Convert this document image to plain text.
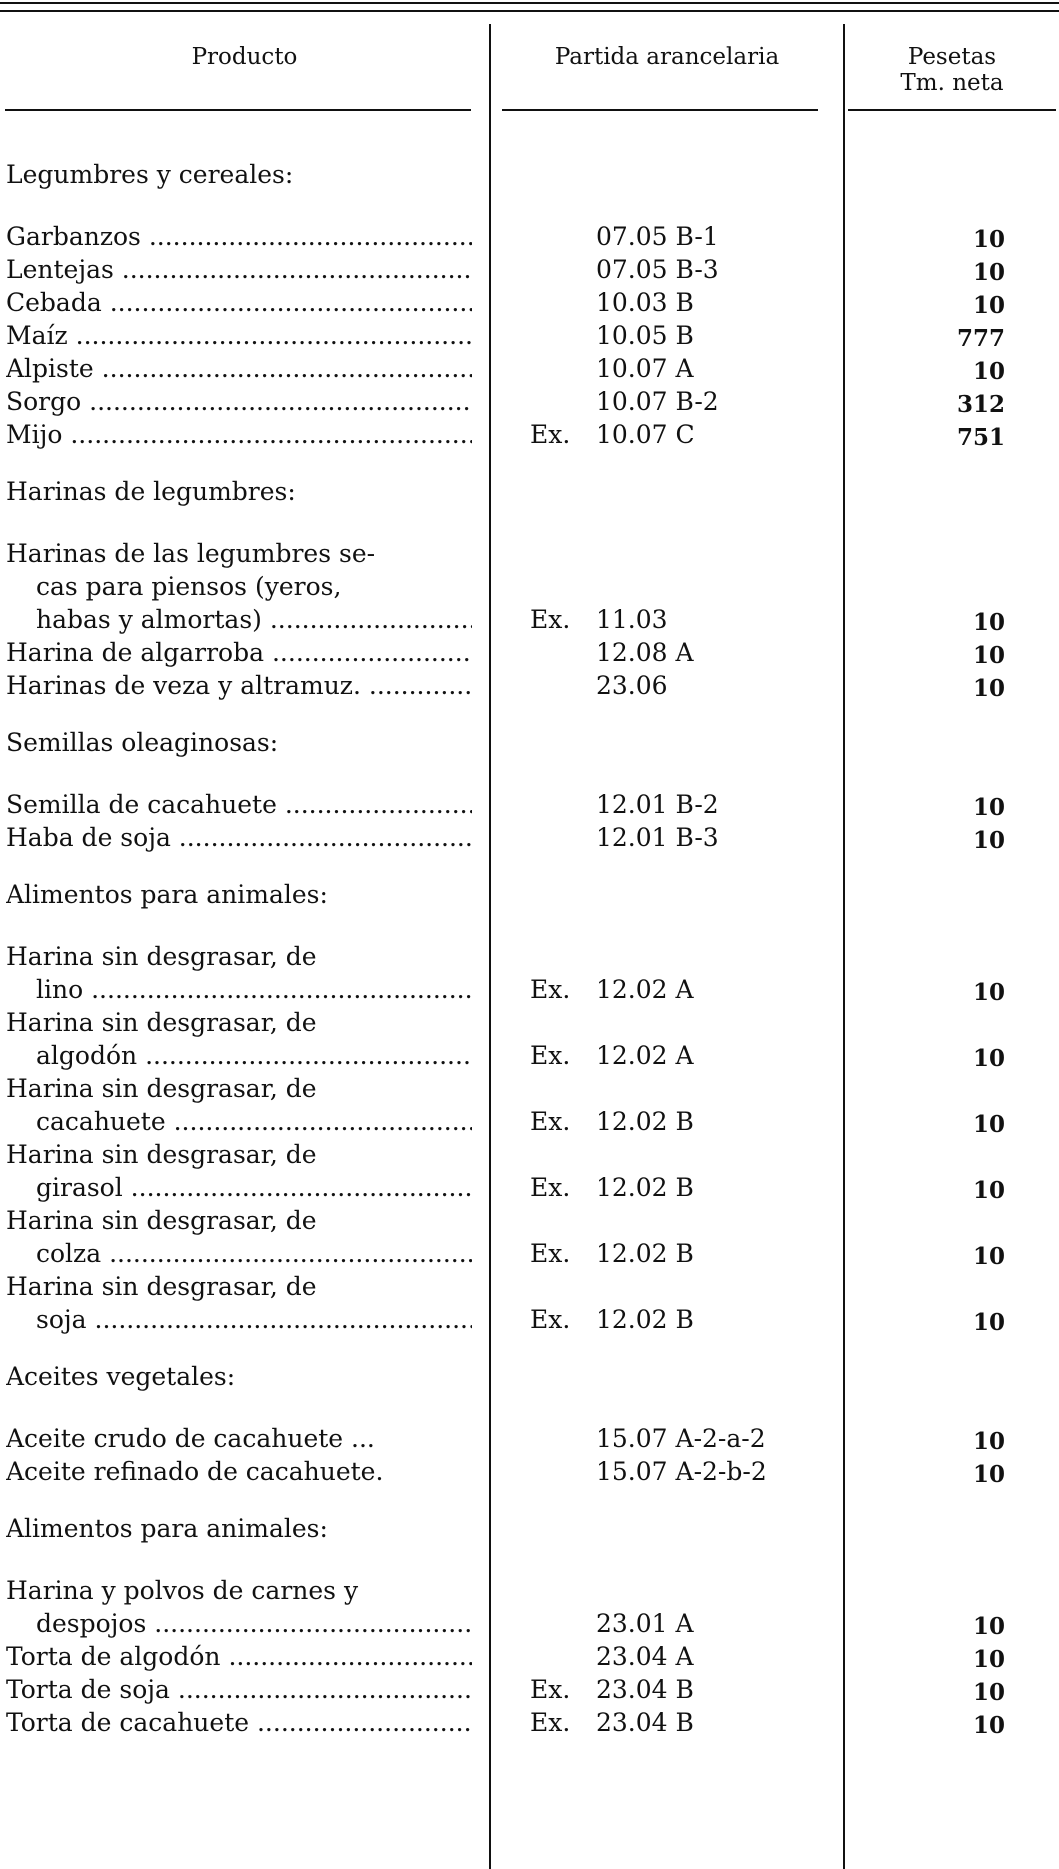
Producto	Partida arancelaria	Pesetas
Tm. neta
Legumbres y cereales:
Garbanzos .....	07.05 B-1	10
Lentejas .....	07.05 B-3	10
Cebada .....	10.03 B	10
Maíz .....	10.05 B	777
Alpiste .....	10.07 A	10
Sorgo .....	10.07 B-2	312
Mijo .....	Ex. 10.07 C	751
Harinas de legumbres:
Harinas de las legumbres se-
cas para piensos (yeros,
habas y almortas) .....	Ex. 11.03	10
Harina de algarroba .....	12.08 A	10
Harinas de veza y altramuz. .....	23.06	10
Semillas oleaginosas:
Semilla de cacahuete .....	12.01 B-2	10
Haba de soja .....	12.01 B-3	10
Alimentos para animales:
Harina sin desgrasar, de
lino .....	Ex. 12.02 A	10
Harina sin desgrasar, de
algodón .....	Ex. 12.02 A	10
Harina sin desgrasar, de
cacahuete .....	Ex. 12.02 B	10
Harina sin desgrasar, de
girasol .....	Ex. 12.02 B	10
Harina sin desgrasar, de
colza .....	Ex. 12.02 B	10
Harina sin desgrasar, de
soja .....	Ex. 12.02 B	10
Aceites vegetales:
Aceite crudo de cacahuete ...	15.07 A-2-a-2	10
Aceite refinado de cacahuete.	15.07 A-2-b-2	10
Alimentos para animales:
Harina y polvos de carnes y
despojos .....	23.01 A	10
Torta de algodón .....	23.04 A	10
Torta de soja .....	Ex. 23.04 B	10
Torta de cacahuete .....	Ex. 23.04 B	10
